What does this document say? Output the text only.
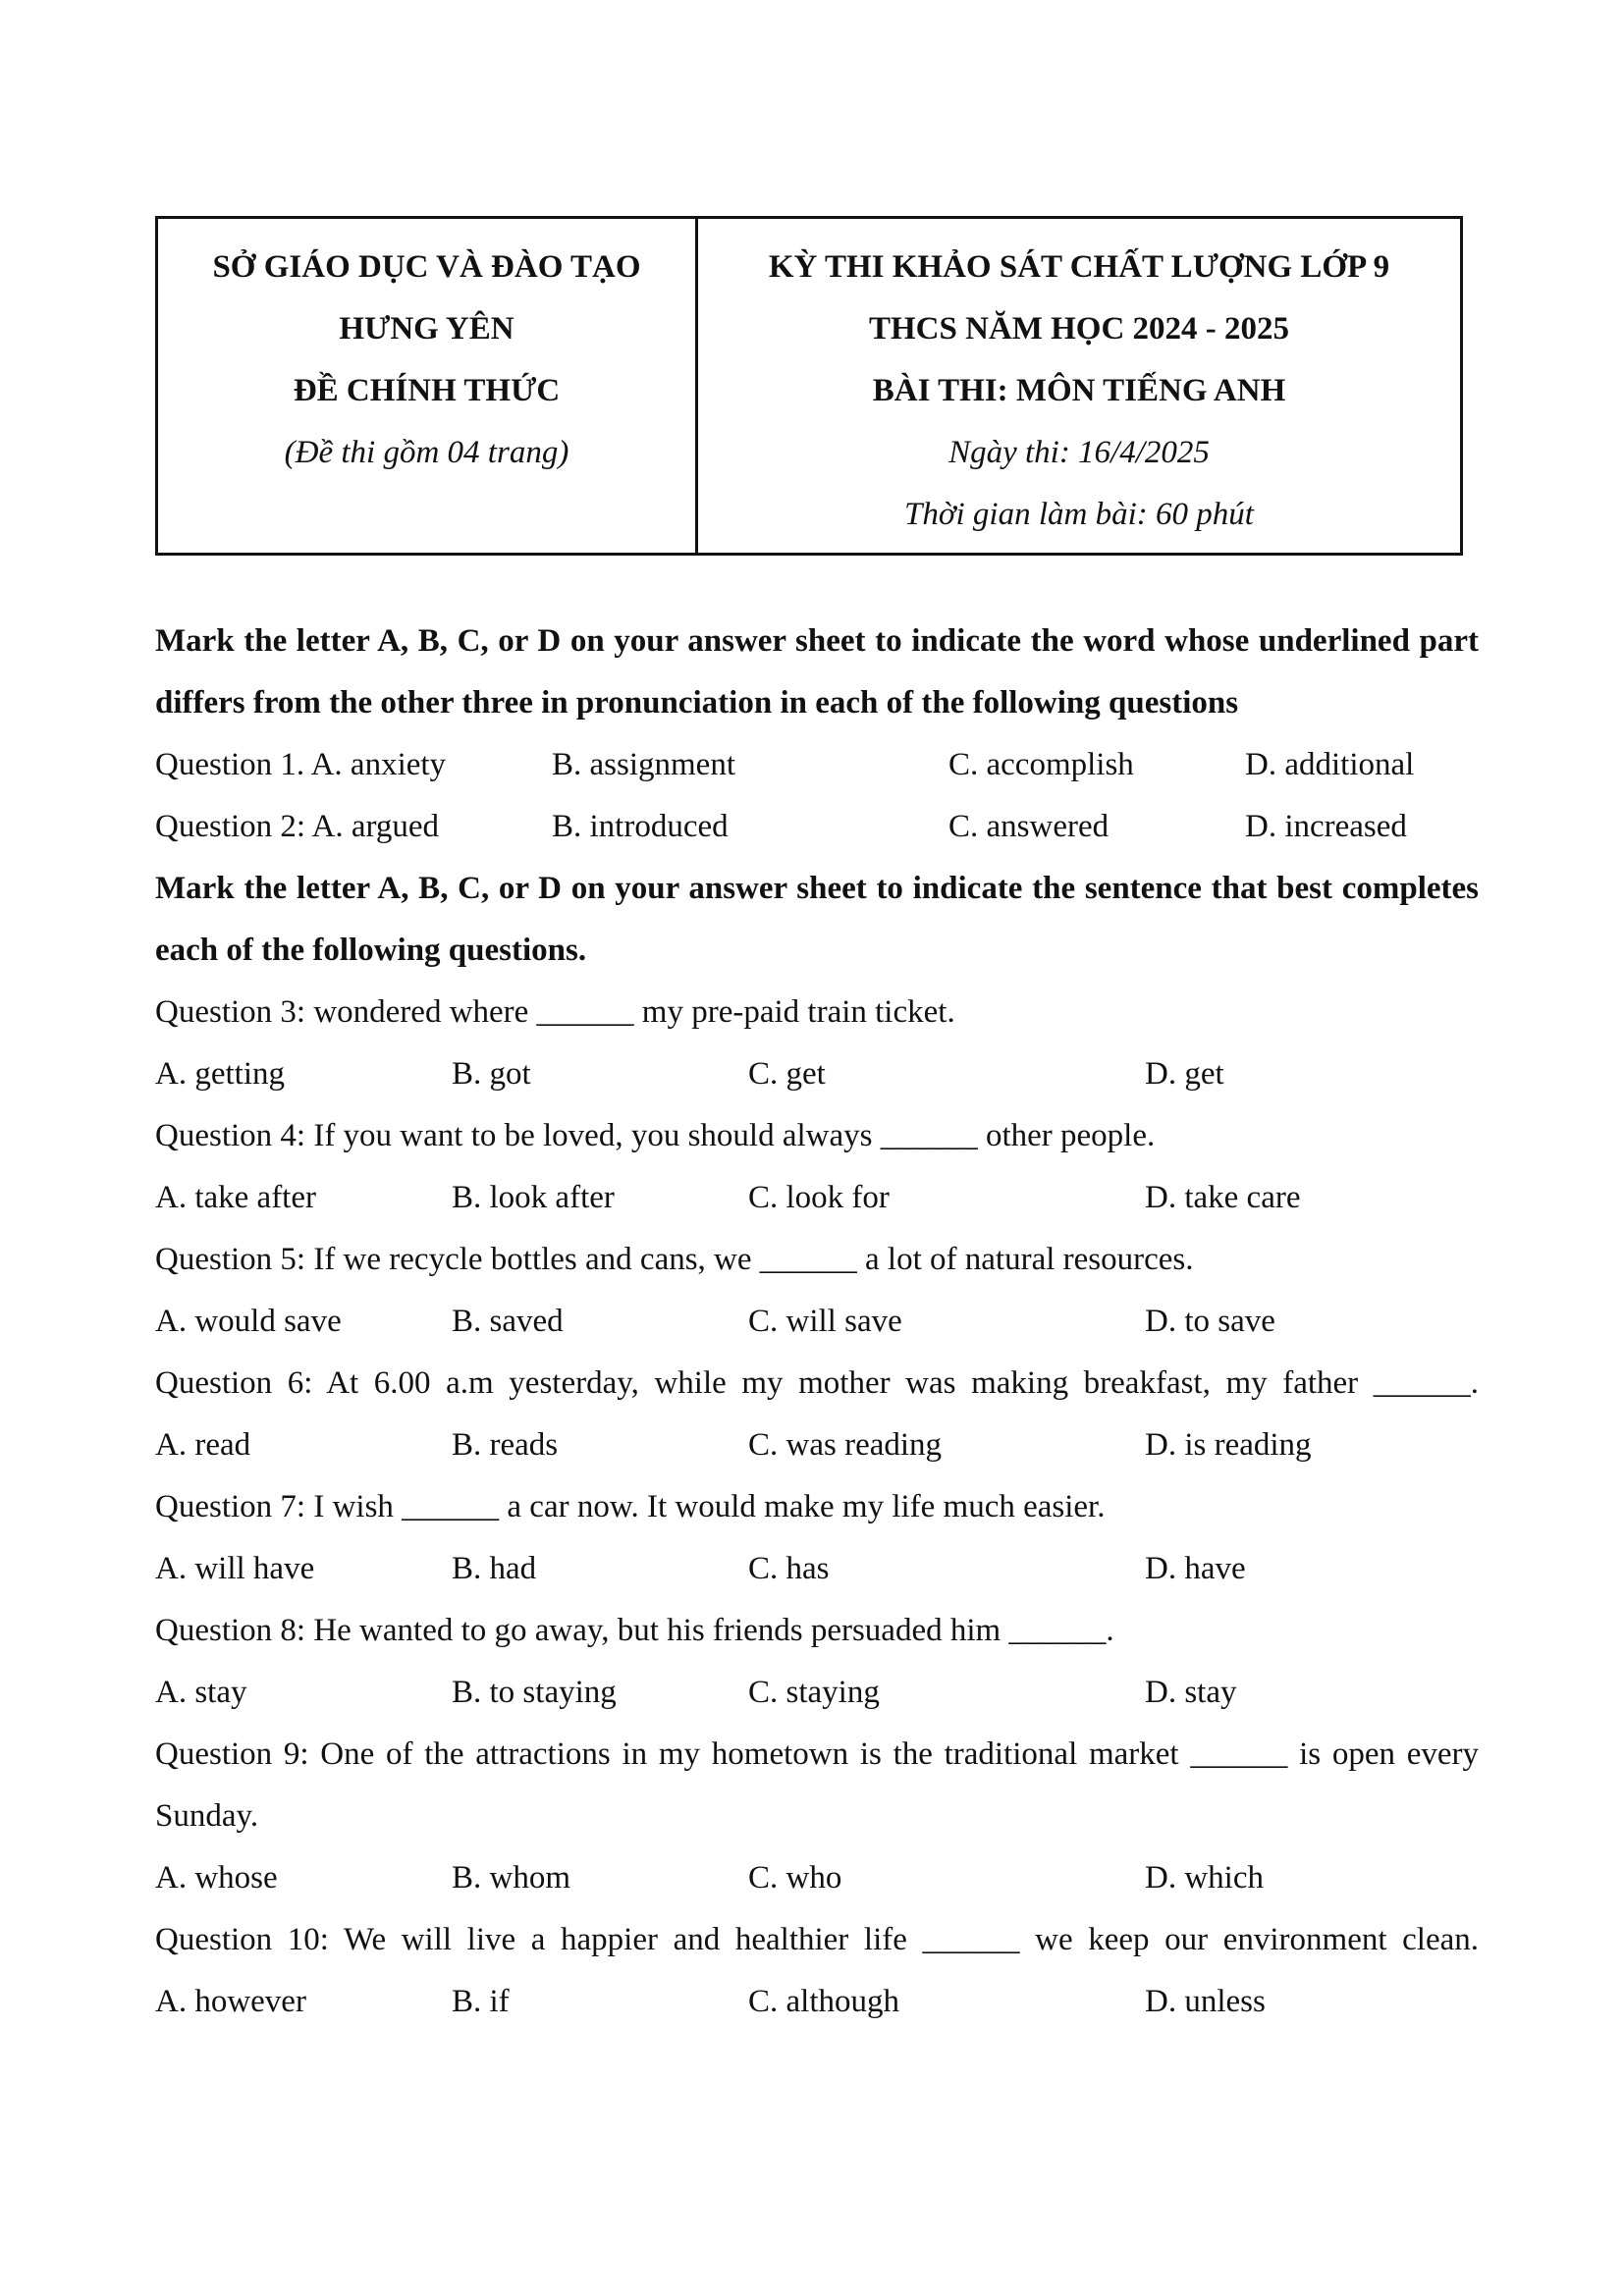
SỞ GIÁO DỤC VÀ ĐÀO TẠO
HƯNG YÊN
ĐỀ CHÍNH THỨC
(Đề thi gồm 04 trang)
KỲ THI KHẢO SÁT CHẤT LƯỢNG LỚP 9
THCS NĂM HỌC 2024 - 2025
BÀI THI: MÔN TIẾNG ANH
Ngày thi: 16/4/2025
Thời gian làm bài: 60 phút
Mark the letter A, B, C, or D on your answer sheet to indicate the word whose underlined part differs from the other three in pronunciation in each of the following questions
Question 1. A. anxiety	B. assignment	C. accomplish	D. additional
Question 2: A. argued	B. introduced	C. answered	D. increased
Mark the letter A, B, C, or D on your answer sheet to indicate the sentence that best completes each of the following questions.
Question 3: wondered where ______ my pre-paid train ticket.
A. getting	B. got	C. get	D. get
Question 4: If you want to be loved, you should always ______ other people.
A. take after	B. look after	C. look for	D. take care
Question 5: If we recycle bottles and cans, we ______ a lot of natural resources.
A. would save	B. saved	C. will save	D. to save
Question 6: At 6.00 a.m yesterday, while my mother was making breakfast, my father ______.
A. read	B. reads	C. was reading	D. is reading
Question 7: I wish ______ a car now. It would make my life much easier.
A. will have	B. had	C. has	D. have
Question 8: He wanted to go away, but his friends persuaded him ______.
A. stay	B. to staying	C. staying	D. stay
Question 9: One of the attractions in my hometown is the traditional market ______ is open every Sunday.
A. whose	B. whom	C. who	D. which
Question 10: We will live a happier and healthier life ______ we keep our environment clean.
A. however	B. if	C. although	D. unless
